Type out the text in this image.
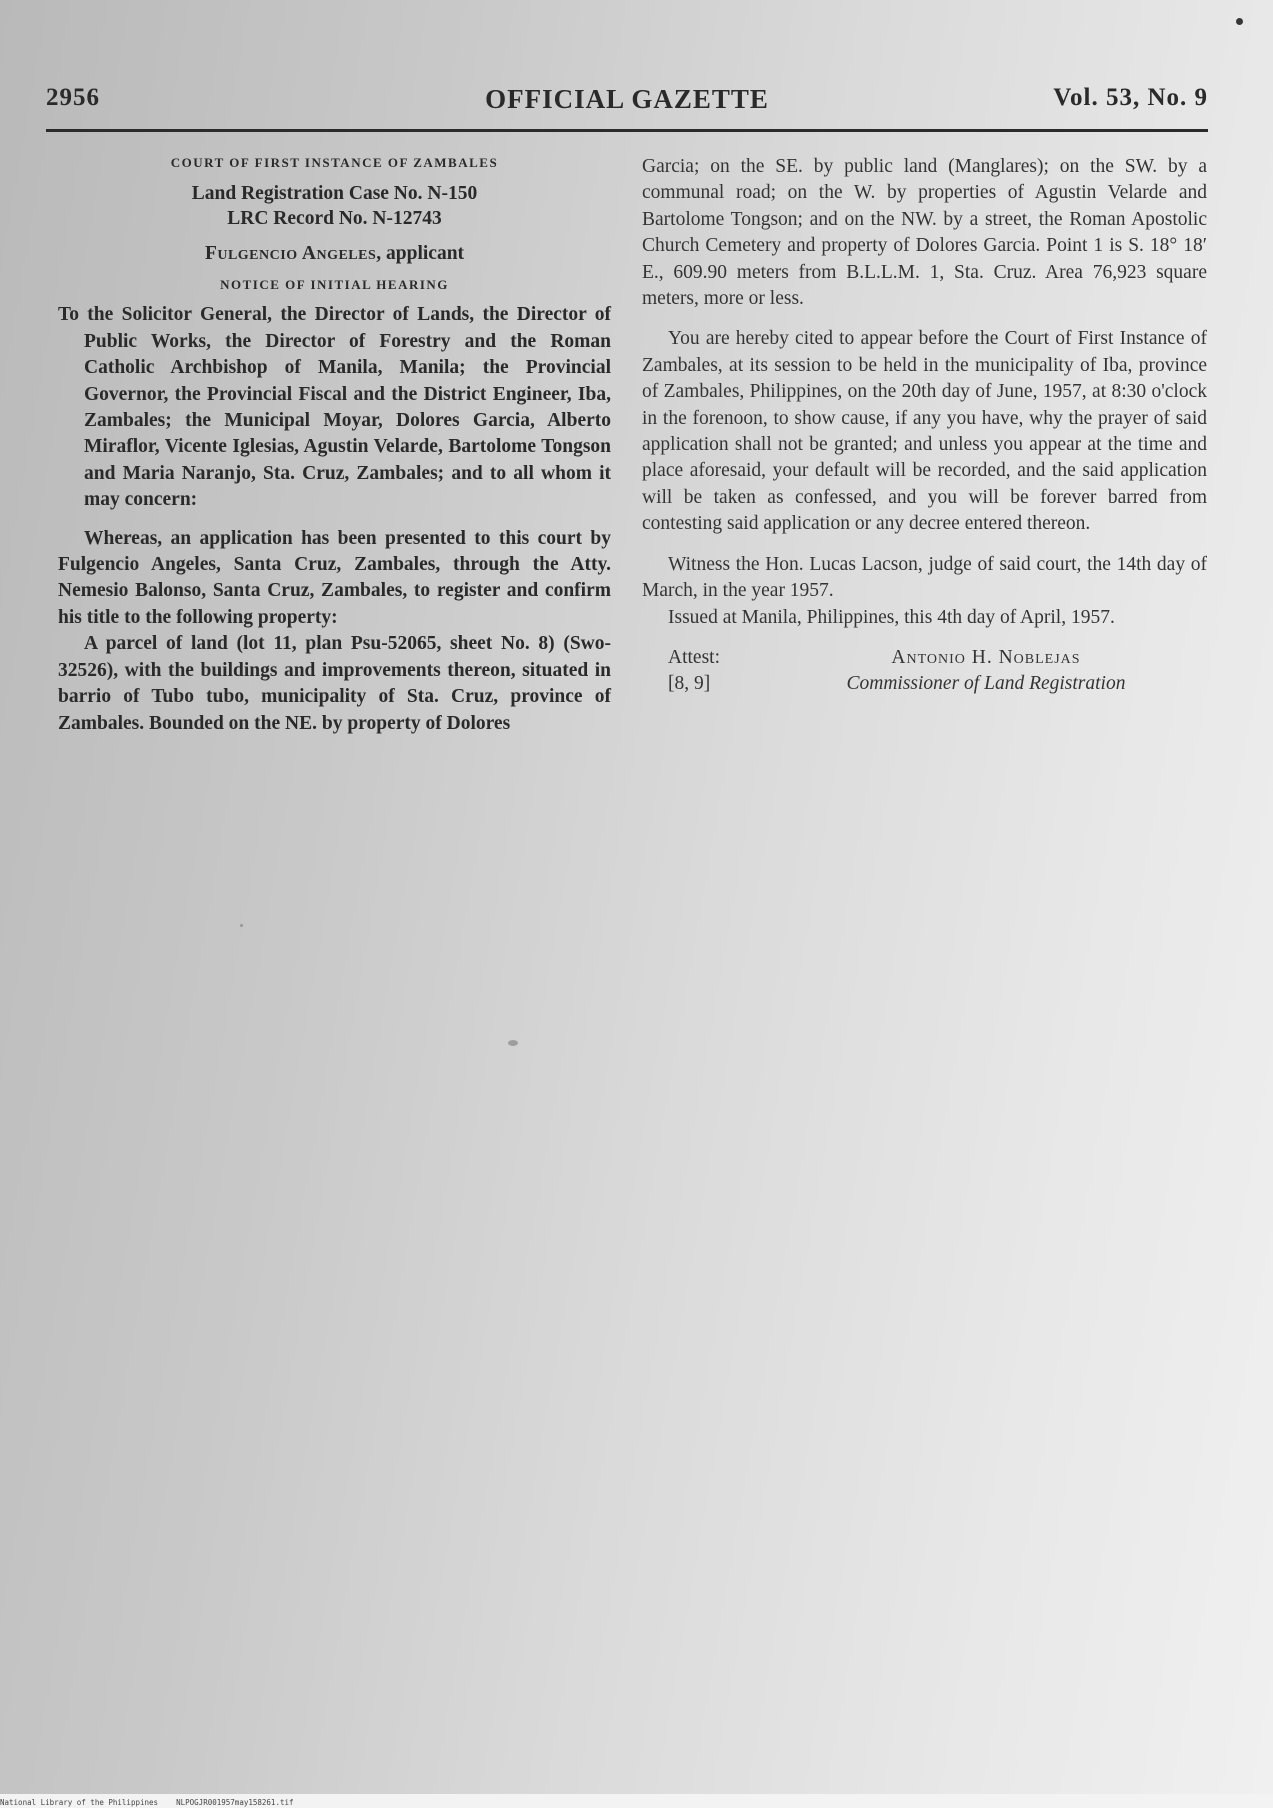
2956	OFFICIAL GAZETTE	Vol. 53, No. 9

COURT OF FIRST INSTANCE OF ZAMBALES

Land Registration Case No. N-150

LRC Record No. N-12743

Fulgencio Angeles, applicant

NOTICE OF INITIAL HEARING

To the Solicitor General, the Director of Lands, the Director of Public Works, the Director of Forestry and the Roman Catholic Archbishop of Manila, Manila; the Provincial Governor, the Provincial Fiscal and the District Engineer, Iba, Zambales; the Municipal Moyar, Dolores Garcia, Alberto Miraflor, Vicente Iglesias, Agustin Velarde, Bartolome Tongson and Maria Naranjo, Sta. Cruz, Zambales; and to all whom it may concern:

Whereas, an application has been presented to this court by Fulgencio Angeles, Santa Cruz, Zambales, through the Atty. Nemesio Balonso, Santa Cruz, Zambales, to register and confirm his title to the following property:

A parcel of land (lot 11, plan Psu-52065, sheet No. 8) (Swo-32526), with the buildings and improvements thereon, situated in barrio of Tubo tubo, municipality of Sta. Cruz, province of Zambales. Bounded on the NE. by property of Dolores

Garcia; on the SE. by public land (Manglares); on the SW. by a communal road; on the W. by properties of Agustin Velarde and Bartolome Tongson; and on the NW. by a street, the Roman Apostolic Church Cemetery and property of Dolores Garcia. Point 1 is S. 18° 18′ E., 609.90 meters from B.L.L.M. 1, Sta. Cruz. Area 76,923 square meters, more or less.

You are hereby cited to appear before the Court of First Instance of Zambales, at its session to be held in the municipality of Iba, province of Zambales, Philippines, on the 20th day of June, 1957, at 8:30 o'clock in the forenoon, to show cause, if any you have, why the prayer of said application shall not be granted; and unless you appear at the time and place aforesaid, your default will be recorded, and the said application will be taken as confessed, and you will be forever barred from contesting said application or any decree entered thereon.

Witness the Hon. Lucas Lacson, judge of said court, the 14th day of March, in the year 1957.

Issued at Manila, Philippines, this 4th day of April, 1957.

Attest:	Antonio H. Noblejas
[8, 9]	Commissioner of Land Registration
National Library of the Philippines NLPOGJR001957may158261.tif
